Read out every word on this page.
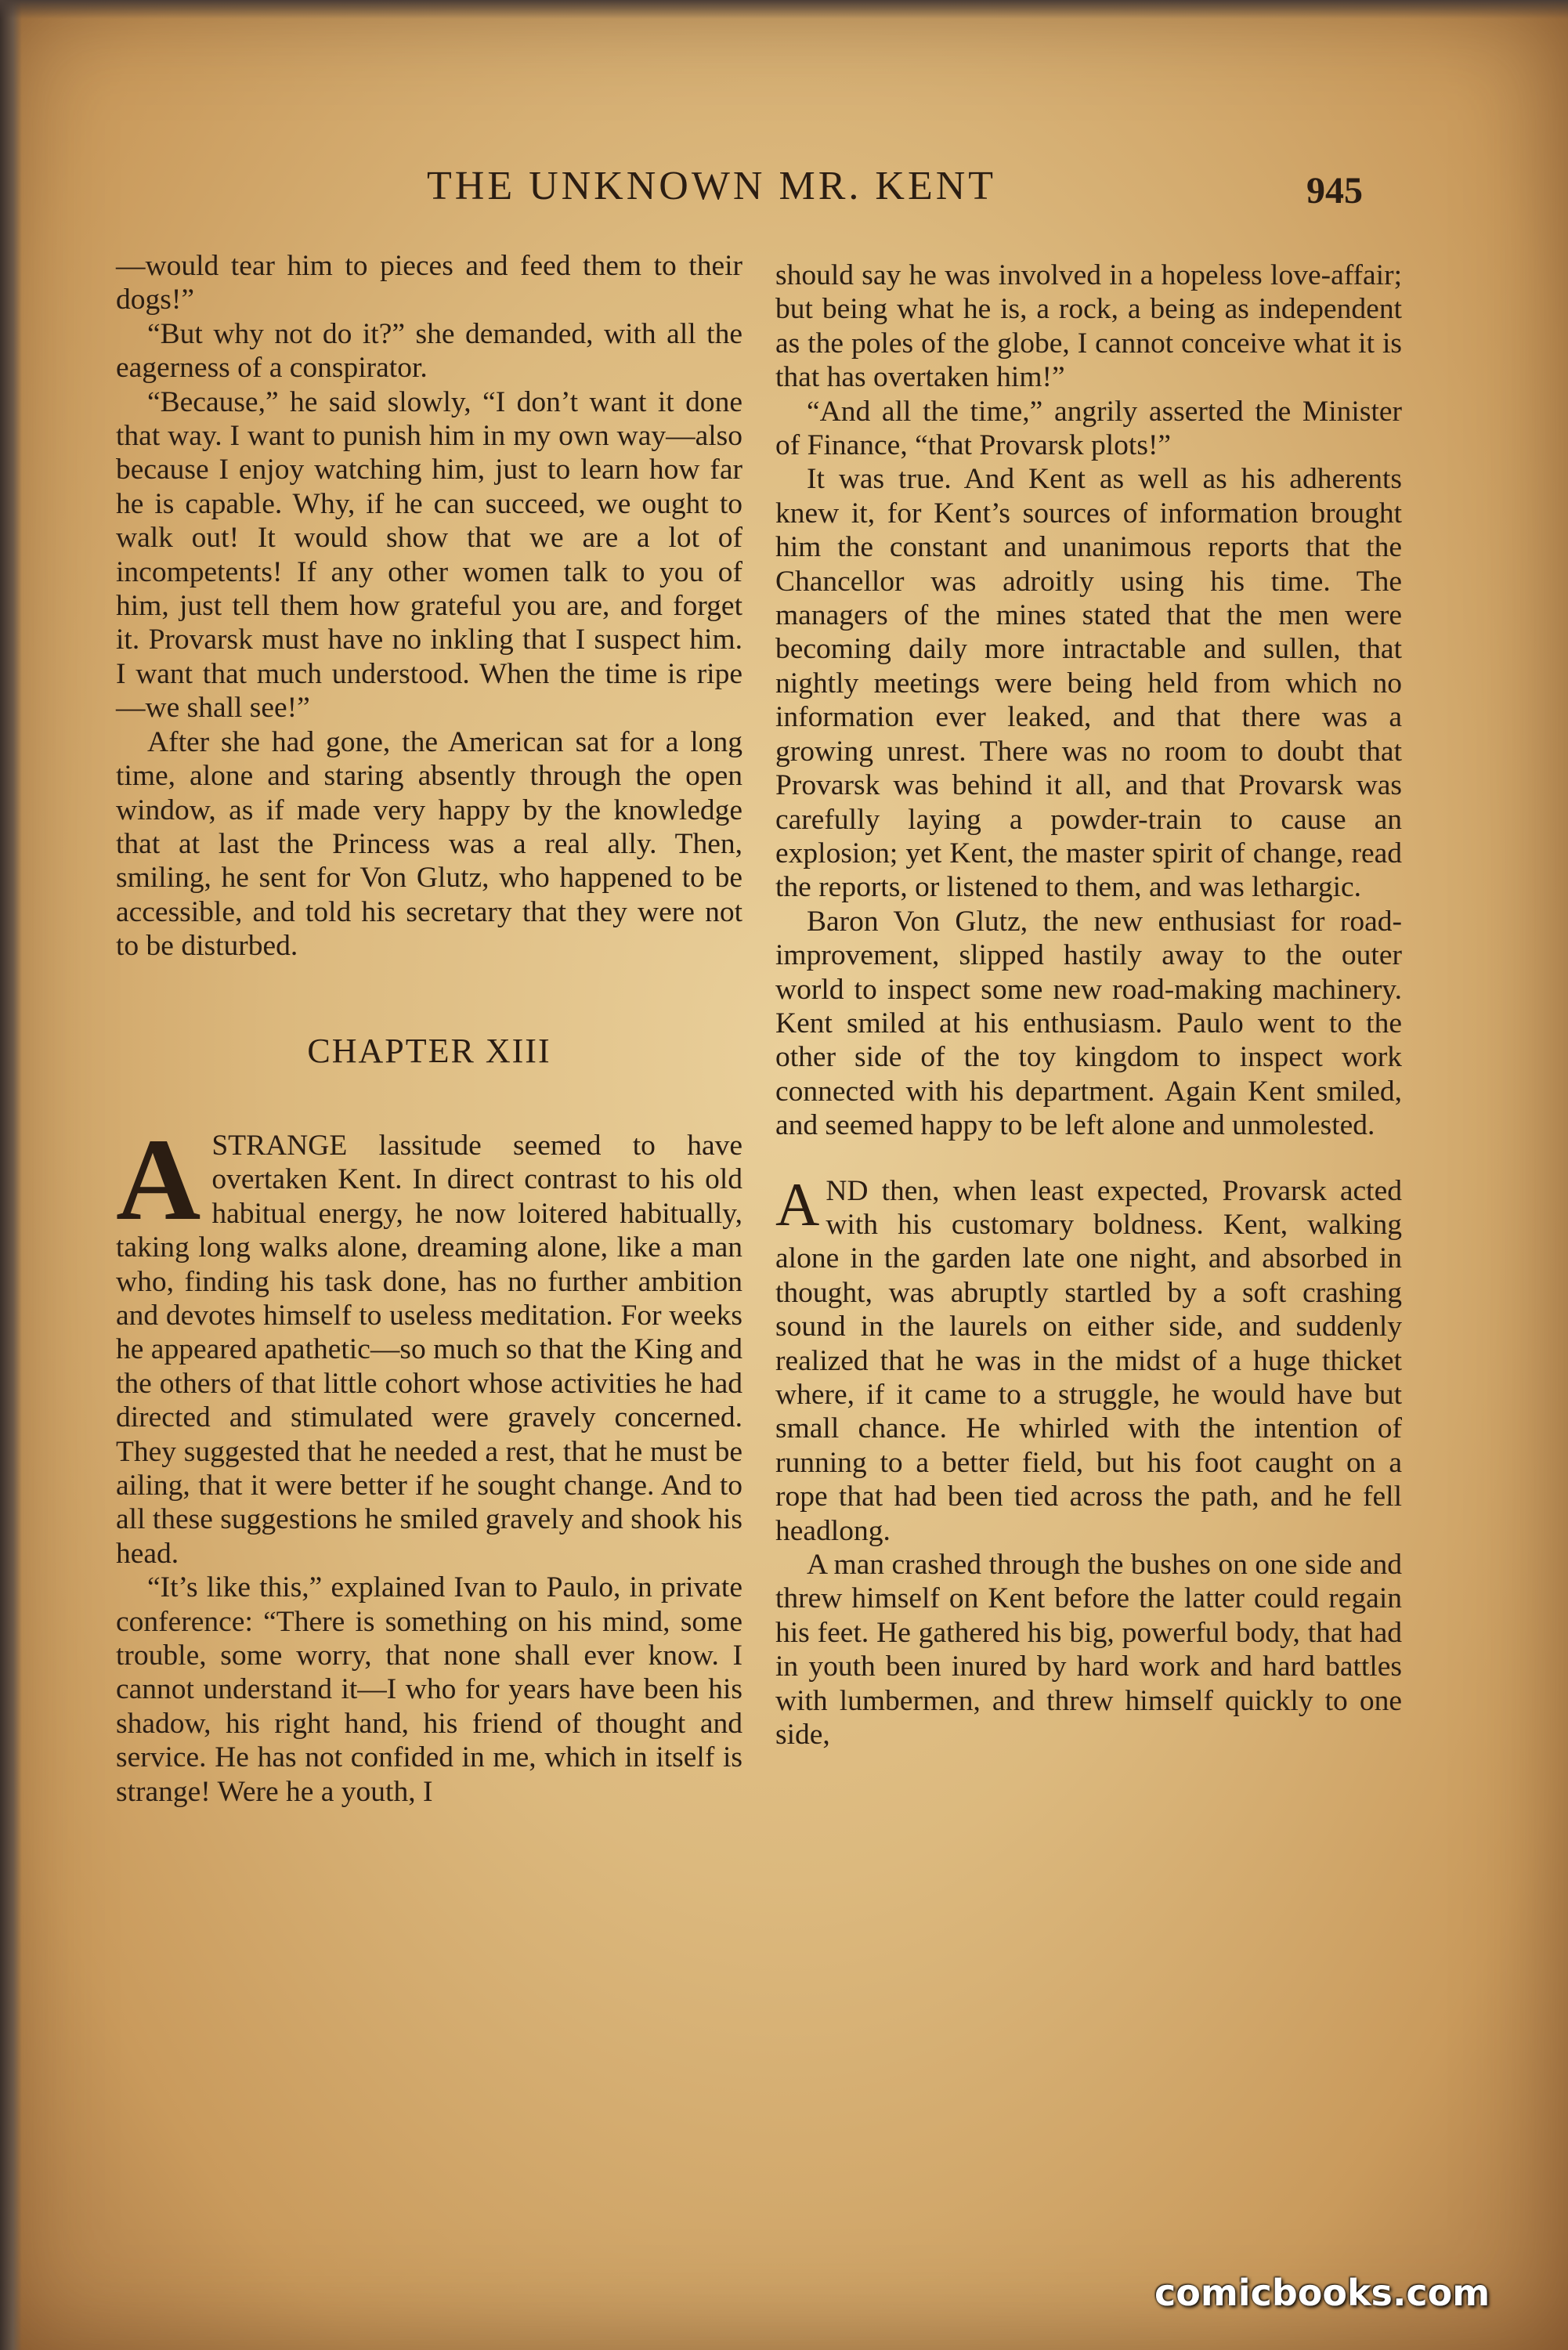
THE UNKNOWN MR. KENT	945

—would tear him to pieces and feed them to their dogs!”

“But why not do it?” she demanded, with all the eagerness of a conspirator.

“Because,” he said slowly, “I don’t want it done that way. I want to punish him in my own way—also because I enjoy watching him, just to learn how far he is capable. Why, if he can succeed, we ought to walk out! It would show that we are a lot of incompetents! If any other women talk to you of him, just tell them how grateful you are, and forget it. Provarsk must have no inkling that I suspect him. I want that much understood. When the time is ripe—we shall see!”

After she had gone, the American sat for a long time, alone and staring absently through the open window, as if made very happy by the knowledge that at last the Princess was a real ally. Then, smiling, he sent for Von Glutz, who happened to be accessible, and told his secretary that they were not to be disturbed.

CHAPTER XIII

A STRANGE lassitude seemed to have overtaken Kent. In direct contrast to his old habitual energy, he now loitered habitually, taking long walks alone, dreaming alone, like a man who, finding his task done, has no further ambition and devotes himself to useless meditation. For weeks he appeared apathetic—so much so that the King and the others of that little cohort whose activities he had directed and stimulated were gravely concerned. They suggested that he needed a rest, that he must be ailing, that it were better if he sought change. And to all these suggestions he smiled gravely and shook his head.

“It’s like this,” explained Ivan to Paulo, in private conference: “There is something on his mind, some trouble, some worry, that none shall ever know. I cannot understand it—I who for years have been his shadow, his right hand, his friend of thought and service. He has not confided in me, which in itself is strange! Were he a youth, I

should say he was involved in a hopeless love-affair; but being what he is, a rock, a being as independent as the poles of the globe, I cannot conceive what it is that has overtaken him!”

“And all the time,” angrily asserted the Minister of Finance, “that Provarsk plots!”

It was true. And Kent as well as his adherents knew it, for Kent’s sources of information brought him the constant and unanimous reports that the Chancellor was adroitly using his time. The managers of the mines stated that the men were becoming daily more intractable and sullen, that nightly meetings were being held from which no information ever leaked, and that there was a growing unrest. There was no room to doubt that Provarsk was behind it all, and that Provarsk was carefully laying a powder-train to cause an explosion; yet Kent, the master spirit of change, read the reports, or listened to them, and was lethargic.

Baron Von Glutz, the new enthusiast for road-improvement, slipped hastily away to the outer world to inspect some new road-making machinery. Kent smiled at his enthusiasm. Paulo went to the other side of the toy kingdom to inspect work connected with his department. Again Kent smiled, and seemed happy to be left alone and unmolested.

A ND then, when least expected, Provarsk acted with his customary boldness. Kent, walking alone in the garden late one night, and absorbed in thought, was abruptly startled by a soft crashing sound in the laurels on either side, and suddenly realized that he was in the midst of a huge thicket where, if it came to a struggle, he would have but small chance. He whirled with the intention of running to a better field, but his foot caught on a rope that had been tied across the path, and he fell headlong.

A man crashed through the bushes on one side and threw himself on Kent before the latter could regain his feet. He gathered his big, powerful body, that had in youth been inured by hard work and hard battles with lumbermen, and threw himself quickly to one side,

comicbooks.com
